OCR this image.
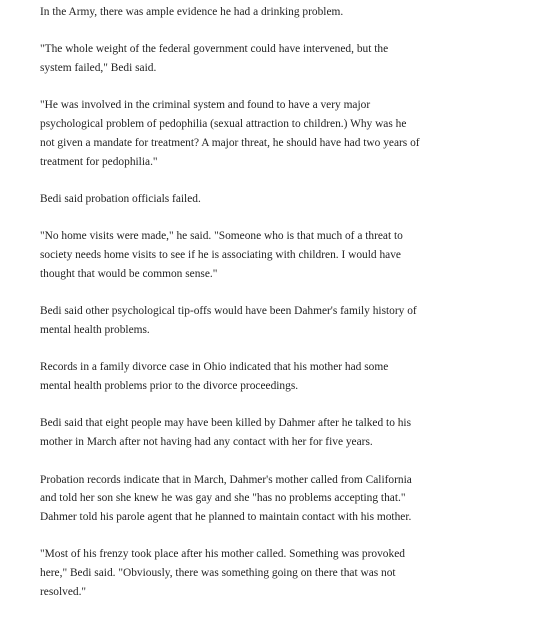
In the Army, there was ample evidence he had a drinking problem.

"The whole weight of the federal government could have intervened, but the system failed," Bedi said.

"He was involved in the criminal system and found to have a very major psychological problem of pedophilia (sexual attraction to children.) Why was he not given a mandate for treatment? A major threat, he should have had two years of treatment for pedophilia."

Bedi said probation officials failed.

"No home visits were made," he said. "Someone who is that much of a threat to society needs home visits to see if he is associating with children. I would have thought that would be common sense."

Bedi said other psychological tip-offs would have been Dahmer's family history of mental health problems.

Records in a family divorce case in Ohio indicated that his mother had some mental health problems prior to the divorce proceedings.

Bedi said that eight people may have been killed by Dahmer after he talked to his mother in March after not having had any contact with her for five years.

Probation records indicate that in March, Dahmer's mother called from California and told her son she knew he was gay and she "has no problems accepting that." Dahmer told his parole agent that he planned to maintain contact with his mother.

"Most of his frenzy took place after his mother called. Something was provoked here," Bedi said. "Obviously, there was something going on there that was not resolved."
